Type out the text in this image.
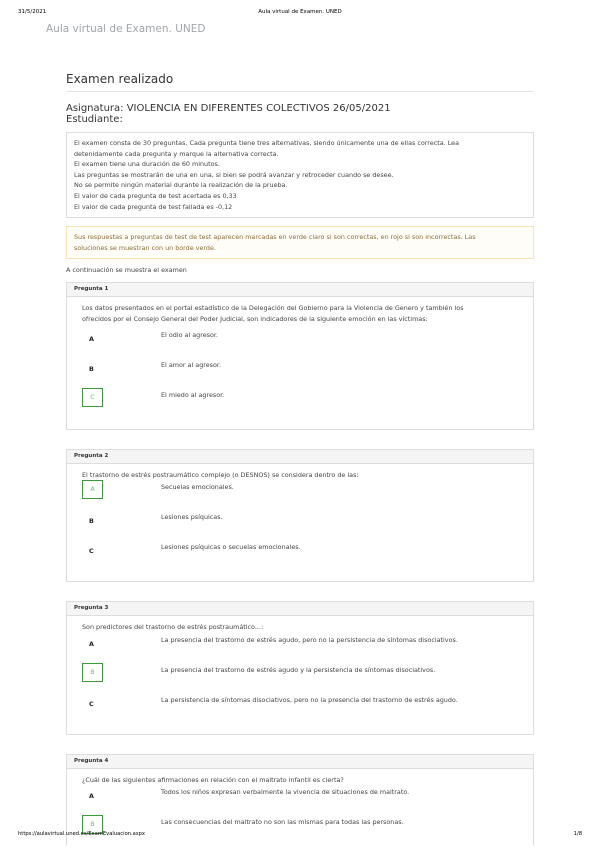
31/5/2021	Aula virtual de Examen. UNED
Aula virtual de Examen. UNED
Examen realizado
Asignatura: VIOLENCIA EN DIFERENTES COLECTIVOS 26/05/2021
Estudiante:
El examen consta de 30 preguntas. Cada pregunta tiene tres alternativas, siendo únicamente una de ellas correcta. Lea
detenidamente cada pregunta y marque la alternativa correcta.
El examen tiene una duración de 60 minutos.
Las preguntas se mostrarán de una en una, si bien se podrá avanzar y retroceder cuando se desee.
No se permite ningún material durante la realización de la prueba.
El valor de cada pregunta de test acertada es 0,33
El valor de cada pregunta de test fallada es -0,12
Sus respuestas a preguntas de test de test aparecen marcadas en verde claro si son correctas, en rojo si son incorrectas. Las
soluciones se muestran con un borde verde.
A continuación se muestra el examen
Pregunta 1
Los datos presentados en el portal estadístico de la Delegación del Gobierno para la Violencia de Genero y también los
ofrecidos por el Consejo General del Poder Judicial, son indicadores de la siguiente emoción en las víctimas:
A	El odio al agresor.
B	El amor al agresor.
C	El miedo al agresor.
Pregunta 2
El trastorno de estrés postraumático complejo (o DESNOS) se considera dentro de las:
A	Secuelas emocionales.
B	Lesiones psíquicas.
C	Lesiones psíquicas o secuelas emocionales.
Pregunta 3
Son predictores del trastorno de estrés postraumático...:
A	La presencia del trastorno de estrés agudo, pero no la persistencia de síntomas disociativos.
B	La presencia del trastorno de estrés agudo y la persistencia de síntomas disociativos.
C	La persistencia de síntomas disociativos, pero no la presencia del trastorno de estrés agudo.
Pregunta 4
¿Cuál de las siguientes afirmaciones en relación con el maltrato infantil es cierta?
A	Todos los niños expresan verbalmente la vivencia de situaciones de maltrato.
B	Las consecuencias del maltrato no son las mismas para todas las personas.
https://aulavirtual.uned.es/ExamEvaluacion.aspx	1/8
